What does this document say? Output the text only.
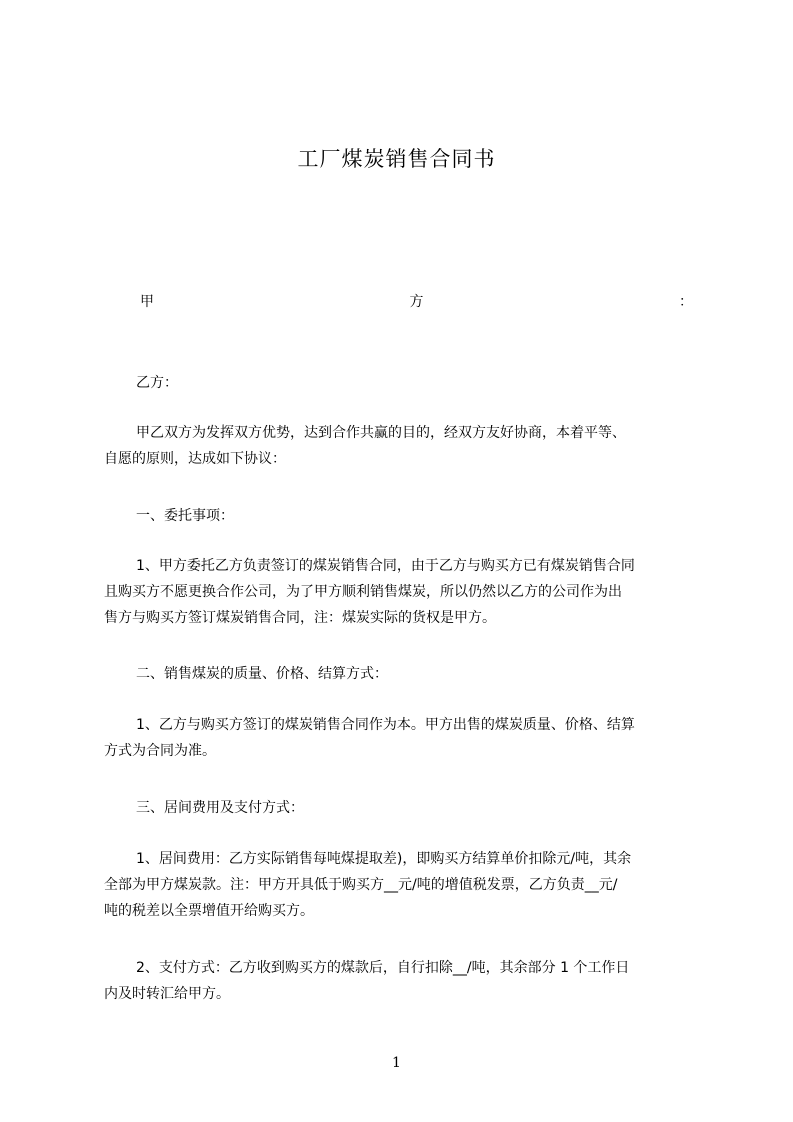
工厂煤炭销售合同书
甲	方	：

乙方：

甲乙双方为发挥双方优势，达到合作共赢的目的，经双方友好协商，本着平等、
自愿的原则，达成如下协议：

一、委托事项：

1、甲方委托乙方负责签订的煤炭销售合同，由于乙方与购买方已有煤炭销售合同
且购买方不愿更换合作公司，为了甲方顺利销售煤炭，所以仍然以乙方的公司作为出
售方与购买方签订煤炭销售合同，注：煤炭实际的货权是甲方。

二、销售煤炭的质量、价格、结算方式：

1、乙方与购买方签订的煤炭销售合同作为本。甲方出售的煤炭质量、价格、结算
方式为合同为准。

三、居间费用及支付方式：

1、居间费用：乙方实际销售每吨煤提取差)，即购买方结算单价扣除元/吨，其余
全部为甲方煤炭款。注：甲方开具低于购买方__元/吨的增值税发票，乙方负责__元/
吨的税差以全票增值开给购买方。

2、支付方式：乙方收到购买方的煤款后，自行扣除__/吨，其余部分 1 个工作日
内及时转汇给甲方。

1
